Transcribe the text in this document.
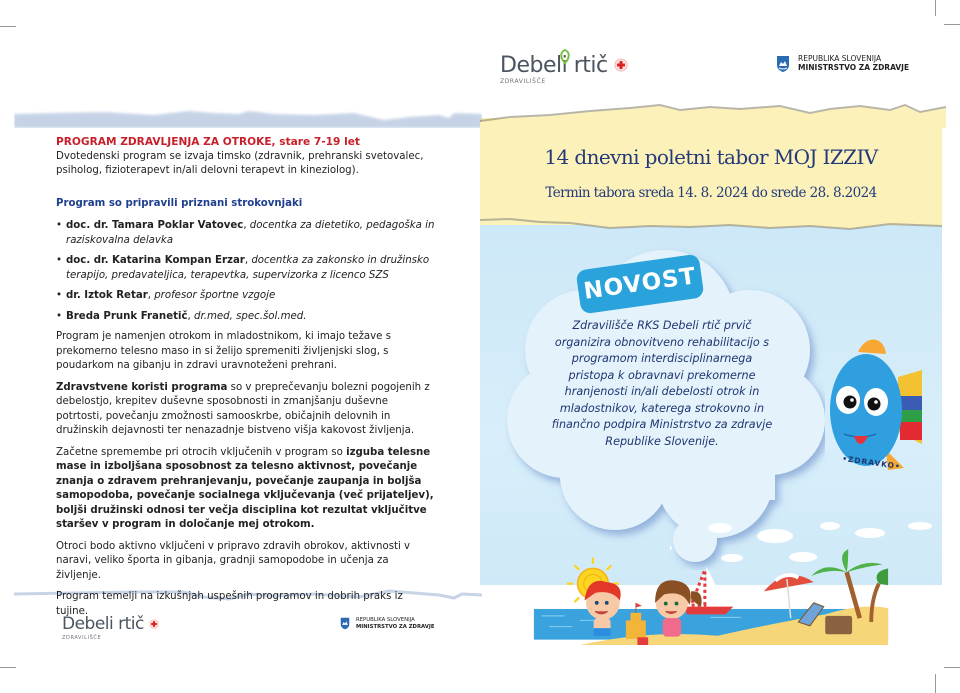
Debeli rtič
ZDRAVILIŠČE
REPUBLIKA SLOVENIJA
MINISTRSTVO ZA ZDRAVJE
PROGRAM ZDRAVLJENJA ZA OTROKE, stare 7-19 let
Dvotedenski program se izvaja timsko (zdravnik, prehranski svetovalec, psiholog, fizioterapevt in/ali delovni terapevt in kineziolog).
Program so pripravili priznani strokovnjaki
• doc. dr. Tamara Poklar Vatovec, docentka za dietetiko, pedagoška in raziskovalna delavka
• doc. dr. Katarina Kompan Erzar, docentka za zakonsko in družinsko terapijo, predavateljica, terapevtka, supervizorka z licenco SZS
• dr. Iztok Retar, profesor športne vzgoje
• Breda Prunk Franetič, dr.med, spec.šol.med.

Program je namenjen otrokom in mladostnikom, ki imajo težave s prekomerno telesno maso in si želijo spremeniti življenjski slog, s poudarkom na gibanju in zdravi uravnoteženi prehrani.

Zdravstvene koristi programa so v preprečevanju bolezni pogojenih z debelostjo, krepitev duševne sposobnosti in zmanjšanju duševne potrtosti, povečanju zmožnosti samooskrbe, običajnih delovnih in družinskih dejavnosti ter nenazadnje bistveno višja kakovost življenja.

Začetne spremembe pri otrocih vključenih v program so izguba telesne mase in izboljšana sposobnost za telesno aktivnost, povečanje znanja o zdravem prehranjevanju, povečanje zaupanja in boljša samopodoba, povečanje socialnega vključevanja (več prijateljev), boljši družinski odnosi ter večja disciplina kot rezultat vključitve staršev v program in določanje mej otrokom.

Otroci bodo aktivno vključeni v pripravo zdravih obrokov, aktivnosti v naravi, veliko športa in gibanja, gradnji samopodobe in učenja za življenje.

Program temelji na izkušnjah uspešnih programov in dobrih praks iz tujine.

Debeli rtič
ZDRAVILIŠČE
REPUBLIKA SLOVENIJA
MINISTRSTVO ZA ZDRAVJE
14 dnevni poletni tabor MOJ IZZIV
Termin tabora sreda 14. 8. 2024 do srede 28. 8.2024
NOVOST
Zdravilišče RKS Debeli rtič prvič organizira obnovitveno rehabilitacijo s programom interdisciplinarnega pristopa k obravnavi prekomerne hranjenosti in/ali debelosti otrok in mladostnikov, katerega strokovno in finančno podpira Ministrstvo za zdravje Republike Slovenije.
•ZDRAVKO•
